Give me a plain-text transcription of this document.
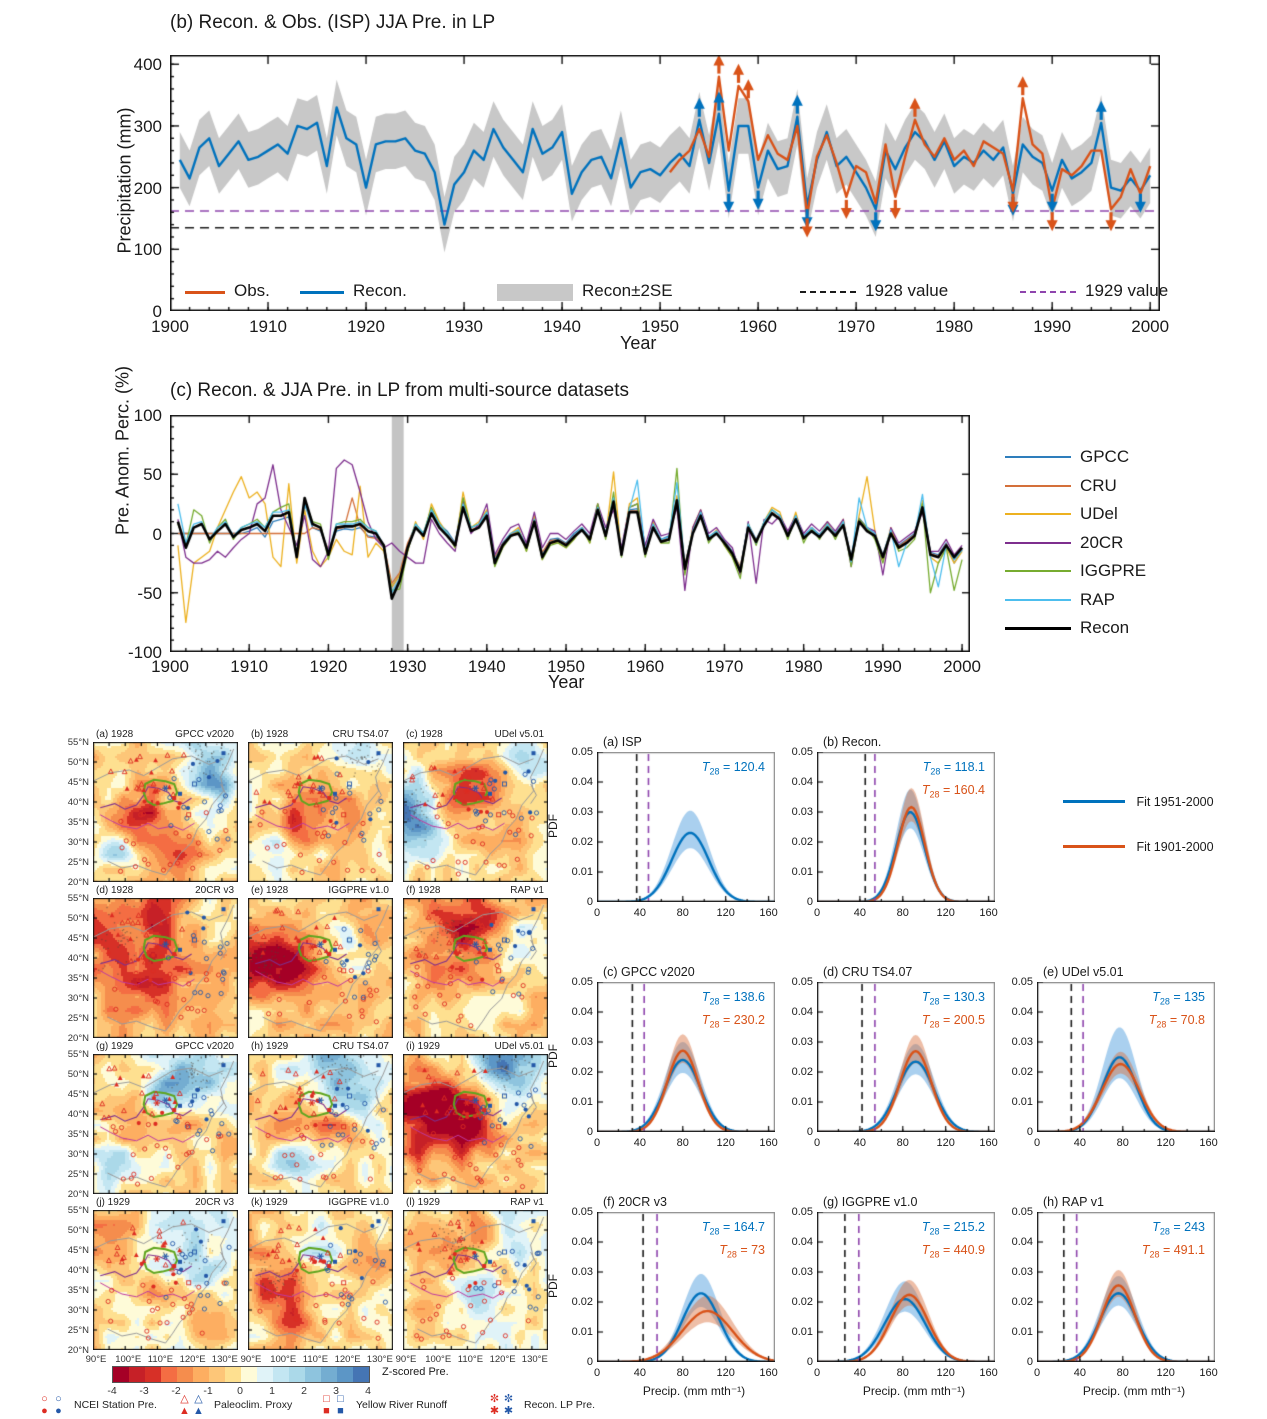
(b) Recon. & Obs. (ISP) JJA Pre. in LP
Precipitation (mm)
Obs.	Recon.	Recon±2SE	1928 value	1929 value
1900	1910	1920	1930	1940	1950	1960	1970	1980	1990	2000
0
100
200
300
400
Year
(c) Recon. & JJA Pre. in LP from multi-source datasets
Pre. Anom. Perc. (%)
1900 1910 1920 1930 1940 1950 1960 1970 1980 1990 2000
-100
-50
0
50
100
GPCC
CRU
UDel
20CR
IGGPRE
RAP
Recon
Year
(a) 1928	GPCC v2020
55°N
50°N
45°N
40°N
35°N
30°N
25°N
20°N
(b) 1928	CRU TS4.07 (c) 1928	UDel v5.01
(d) 1928	20CR v3
55°N
50°N
45°N
40°N
35°N
30°N
25°N
20°N
(e) 1928	IGGPRE v1.0 (f) 1928	RAP v1
(g) 1929	GPCC v2020
55°N
50°N
45°N
40°N
35°N
30°N
25°N
20°N
(h) 1929	CRU TS4.07 (i) 1929	UDel v5.01
(j) 1929	20CR v3
55°N
50°N
45°N
40°N
35°N
30°N
25°N
20°N
90°E 100°E 110°E 120°E 130°E
(k) 1929	IGGPRE v1.0
90°E 100°E 110°E 120°E 130°E
(l) 1929	RAP v1
90°E 100°E 110°E 120°E 130°E
-4	-3	-2	-1	0	1	2	3	4
Z-scored Pre.
○ ○
● ●	NCEI Station Pre. △ △
▲ ▲ Paleoclim. Proxy	□ □
■ ■	Yellow River Runoff	✼ ✼
✱ ✱ Recon. LP Pre.
(a) ISP
0	40	80	120	160
0
0.01
0.02
0.03
0.04
0.05
$T_{28} = 120.4$
PDF
(b) Recon.
0	40	80	120	160
0
0.01
0.02
0.03
0.04
0.05
$T_{28} = 118.1$
$T_{28} = 160.4$
(c) GPCC v2020
0	40	80	120	160
0
0.01
0.02
0.03
0.04
0.05
$T_{28} = 138.6$
$T_{28} = 230.2$
PDF
(d) CRU TS4.07
0	40	80	120	160
0
0.01
0.02
0.03
0.04
0.05
$T_{28} = 130.3$
$T_{28} = 200.5$
(e) UDel v5.01
0	40	80	120	160
0
0.01
0.02
0.03
0.04
0.05
$T_{28} = 135$
$T_{28} = 70.8$
(f) 20CR v3
0	40	80	120	160
0
0.01
0.02
0.03
0.04
0.05
$T_{28} = 164.7$
$T_{28} = 73$
PDF
Precip. (mm mth⁻¹)
(g) IGGPRE v1.0
0	40	80	120	160
0
0.01
0.02
0.03
0.04
0.05
$T_{28} = 215.2$
$T_{28} = 440.9$
Precip. (mm mth⁻¹)
(h) RAP v1
0	40	80	120	160
0
0.01
0.02
0.03
0.04
0.05
$T_{28} = 243$
$T_{28} = 491.1$
Precip. (mm mth⁻¹)
Fit 1951-2000
Fit 1901-2000
